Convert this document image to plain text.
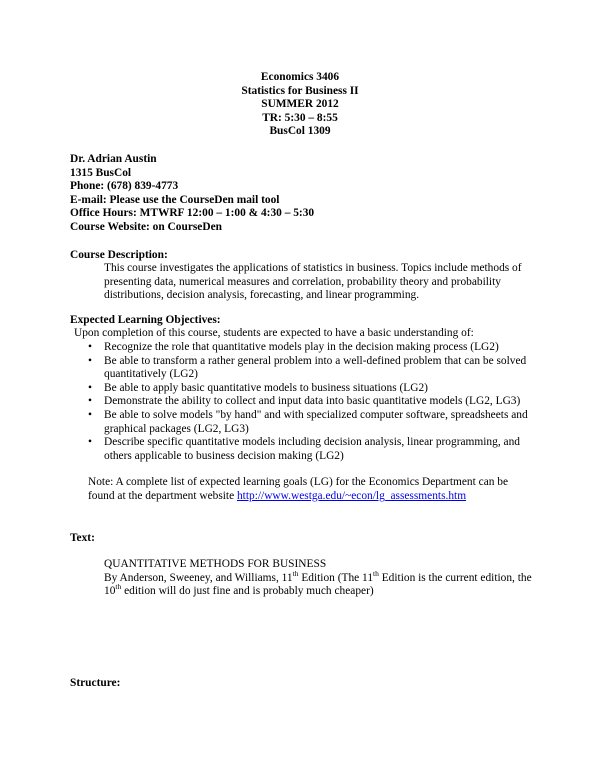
Economics 3406
Statistics for Business II
SUMMER 2012
TR: 5:30 – 8:55
BusCol 1309
Dr. Adrian Austin
1315 BusCol
Phone: (678) 839-4773
E-mail: Please use the CourseDen mail tool
Office Hours: MTWRF 12:00 – 1:00 & 4:30 – 5:30
Course Website: on CourseDen
Course Description:
This course investigates the applications of statistics in business. Topics include methods of presenting data, numerical measures and correlation, probability theory and probability distributions, decision analysis, forecasting, and linear programming.
Expected Learning Objectives:
Upon completion of this course, students are expected to have a basic understanding of:
• Recognize the role that quantitative models play in the decision making process (LG2)
• Be able to transform a rather general problem into a well-defined problem that can be solved quantitatively (LG2)
• Be able to apply basic quantitative models to business situations (LG2)
• Demonstrate the ability to collect and input data into basic quantitative models (LG2, LG3)
• Be able to solve models "by hand" and with specialized computer software, spreadsheets and graphical packages (LG2, LG3)
• Describe specific quantitative models including decision analysis, linear programming, and others applicable to business decision making (LG2)
Note: A complete list of expected learning goals (LG) for the Economics Department can be found at the department website http://www.westga.edu/~econ/lg_assessments.htm
Text:
QUANTITATIVE METHODS FOR BUSINESS
By Anderson, Sweeney, and Williams, 11th Edition (The 11th Edition is the current edition, the 10th edition will do just fine and is probably much cheaper)
Structure:
